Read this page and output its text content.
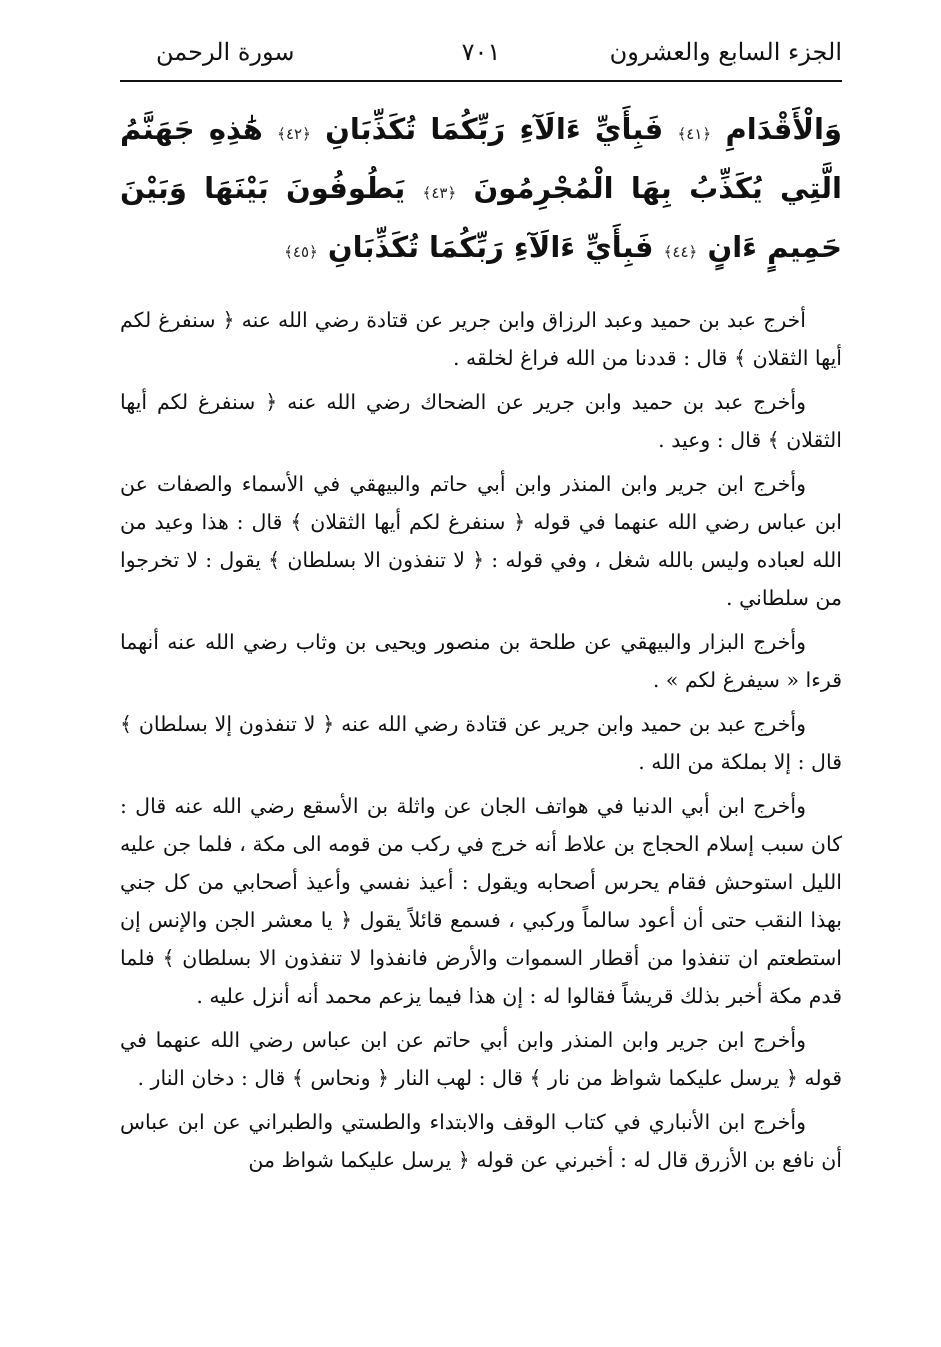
الجزء السابع والعشرون
٧٠١
سورة الرحمن
وَالْأَقْدَامِ ﴿٤١﴾ فَبِأَيِّ ءَالَآءِ رَبِّكُمَا تُكَذِّبَانِ ﴿٤٢﴾ هَٰذِهِ جَهَنَّمُ الَّتِي يُكَذِّبُ بِهَا الْمُجْرِمُونَ ﴿٤٣﴾ يَطُوفُونَ بَيْنَهَا وَبَيْنَ حَمِيمٍ ءَانٍ ﴿٤٤﴾ فَبِأَيِّ ءَالَآءِ رَبِّكُمَا تُكَذِّبَانِ ﴿٤٥﴾

أخرج عبد بن حميد وعبد الرزاق وابن جرير عن قتادة رضي الله عنه ﴿ سنفرغ لكم أيها الثقلان ﴾ قال : قددنا من الله فراغ لخلقه .

وأخرج عبد بن حميد وابن جرير عن الضحاك رضي الله عنه ﴿ سنفرغ لكم أيها الثقلان ﴾ قال : وعيد .

وأخرج ابن جرير وابن المنذر وابن أبي حاتم والبيهقي في الأسماء والصفات عن ابن عباس رضي الله عنهما في قوله ﴿ سنفرغ لكم أيها الثقلان ﴾ قال : هذا وعيد من الله لعباده وليس بالله شغل ، وفي قوله : ﴿ لا تنفذون الا بسلطان ﴾ يقول : لا تخرجوا من سلطاني .

وأخرج البزار والبيهقي عن طلحة بن منصور ويحيى بن وثاب رضي الله عنه أنهما قرءا « سيفرغ لكم » .

وأخرج عبد بن حميد وابن جرير عن قتادة رضي الله عنه ﴿ لا تنفذون إلا بسلطان ﴾ قال : إلا بملكة من الله .

وأخرج ابن أبي الدنيا في هواتف الجان عن واثلة بن الأسقع رضي الله عنه قال : كان سبب إسلام الحجاج بن علاط أنه خرج في ركب من قومه الى مكة ، فلما جن عليه الليل استوحش فقام يحرس أصحابه ويقول : أعيذ نفسي وأعيذ أصحابي من كل جني بهذا النقب حتى أن أعود سالماً وركبي ، فسمع قائلاً يقول ﴿ يا معشر الجن والإنس إن استطعتم ان تنفذوا من أقطار السموات والأرض فانفذوا لا تنفذون الا بسلطان ﴾ فلما قدم مكة أخبر بذلك قريشاً فقالوا له : إن هذا فيما يزعم محمد أنه أنزل عليه .

وأخرج ابن جرير وابن المنذر وابن أبي حاتم عن ابن عباس رضي الله عنهما في قوله ﴿ يرسل عليكما شواظ من نار ﴾ قال : لهب النار ﴿ ونحاس ﴾ قال : دخان النار .

وأخرج ابن الأنباري في كتاب الوقف والابتداء والطستي والطبراني عن ابن عباس أن نافع بن الأزرق قال له : أخبرني عن قوله ﴿ يرسل عليكما شواظ من
